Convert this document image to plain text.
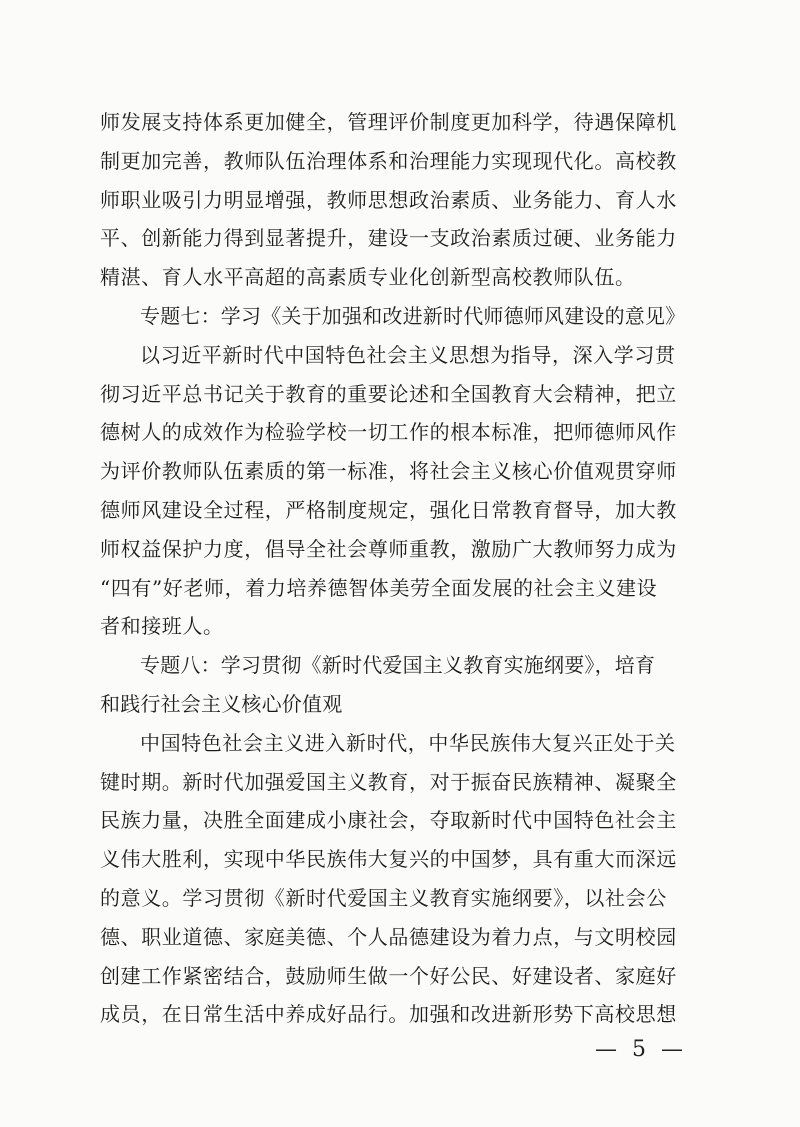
师发展支持体系更加健全，管理评价制度更加科学，待遇保障机
制更加完善，教师队伍治理体系和治理能力实现现代化。高校教
师职业吸引力明显增强，教师思想政治素质、业务能力、育人水
平、创新能力得到显著提升，建设一支政治素质过硬、业务能力
精湛、育人水平高超的高素质专业化创新型高校教师队伍。
专题七：学习《关于加强和改进新时代师德师风建设的意见》
以习近平新时代中国特色社会主义思想为指导，深入学习贯
彻习近平总书记关于教育的重要论述和全国教育大会精神，把立
德树人的成效作为检验学校一切工作的根本标准，把师德师风作
为评价教师队伍素质的第一标准，将社会主义核心价值观贯穿师
德师风建设全过程，严格制度规定，强化日常教育督导，加大教
师权益保护力度，倡导全社会尊师重教，激励广大教师努力成为
“四有”好老师，着力培养德智体美劳全面发展的社会主义建设
者和接班人。
专题八：学习贯彻《新时代爱国主义教育实施纲要》，培育
和践行社会主义核心价值观
中国特色社会主义进入新时代，中华民族伟大复兴正处于关
键时期。新时代加强爱国主义教育，对于振奋民族精神、凝聚全
民族力量，决胜全面建成小康社会，夺取新时代中国特色社会主
义伟大胜利，实现中华民族伟大复兴的中国梦，具有重大而深远
的意义。学习贯彻《新时代爱国主义教育实施纲要》，以社会公
德、职业道德、家庭美德、个人品德建设为着力点，与文明校园
创建工作紧密结合，鼓励师生做一个好公民、好建设者、家庭好
成员，在日常生活中养成好品行。加强和改进新形势下高校思想
— 5 —
